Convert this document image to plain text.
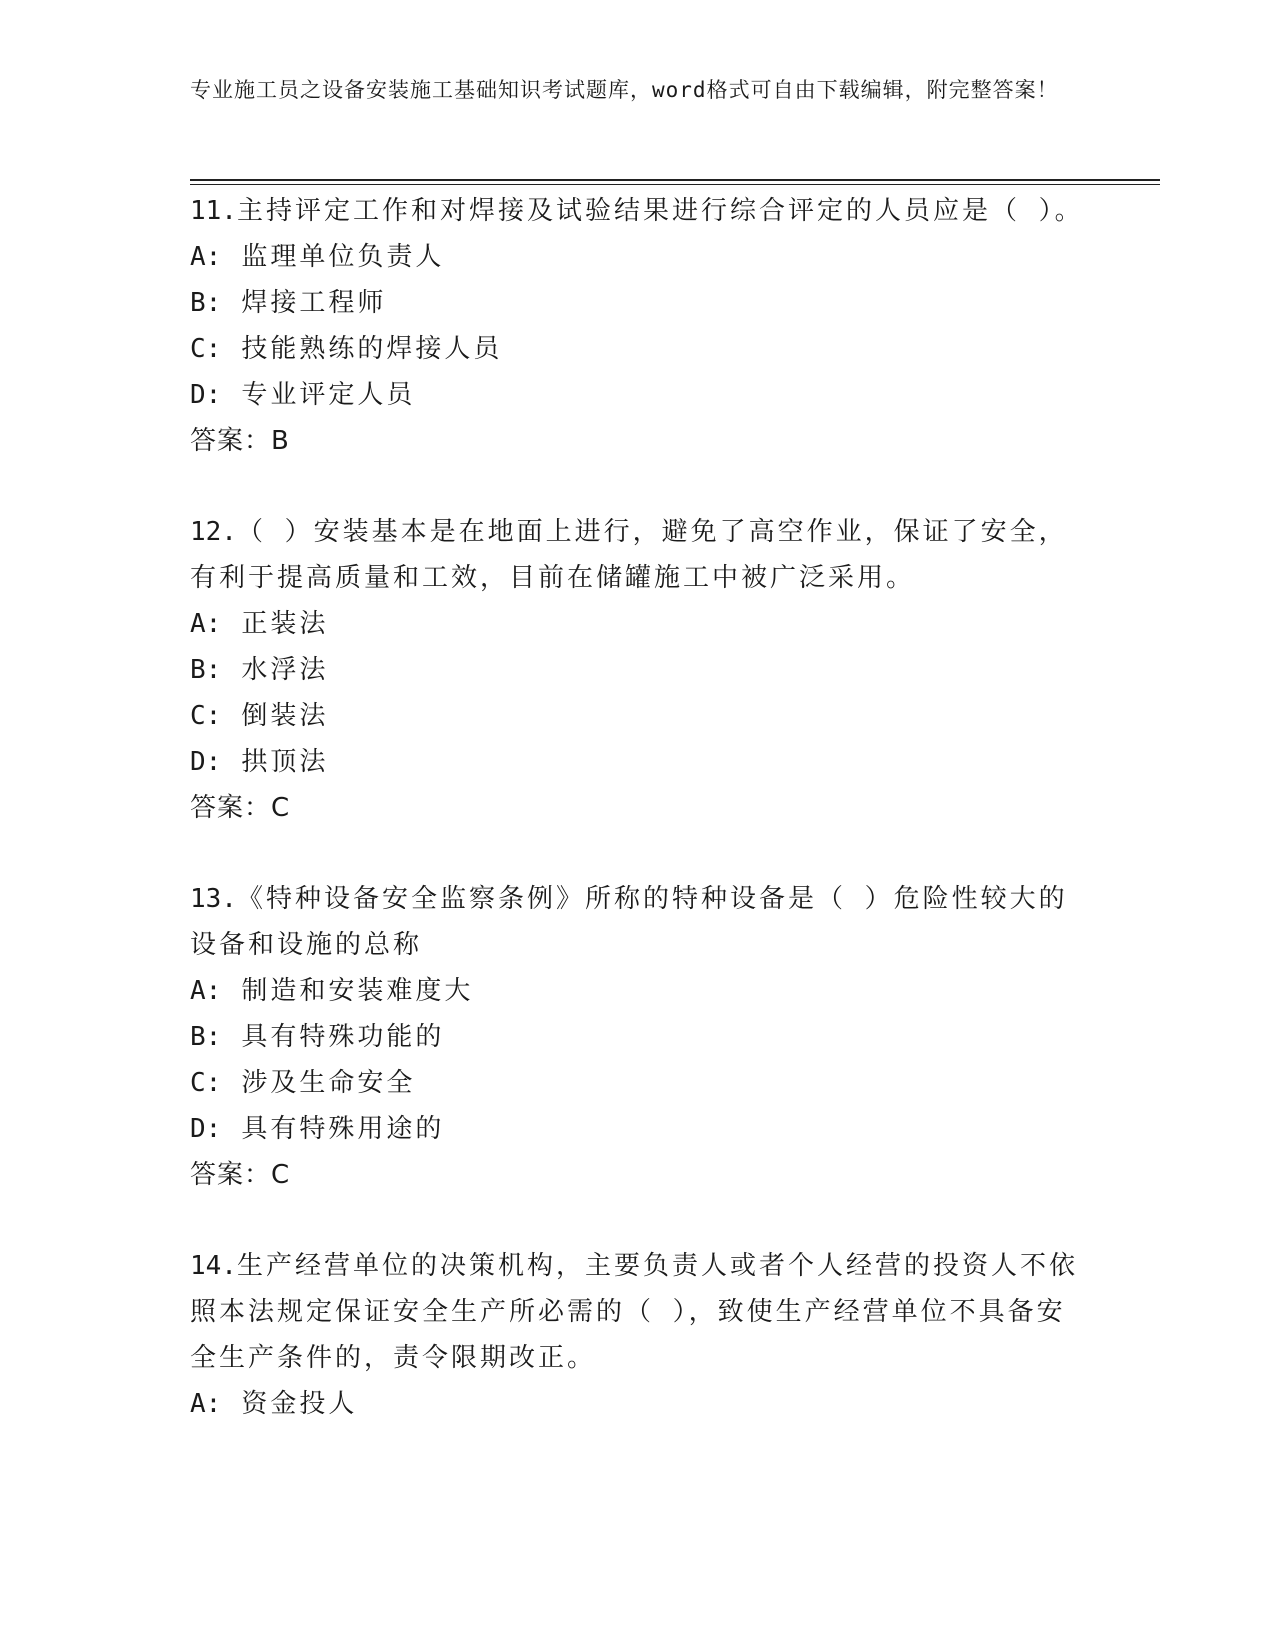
专业施工员之设备安装施工基础知识考试题库，word格式可自由下载编辑，附完整答案！

11.主持评定工作和对焊接及试验结果进行综合评定的人员应是（ ）。

A: 监理单位负责人

B: 焊接工程师

C: 技能熟练的焊接人员

D: 专业评定人员

答案：B

12.（ ）安装基本是在地面上进行，避免了高空作业，保证了安全，有利于提高质量和工效，目前在储罐施工中被广泛采用。

A: 正装法

B: 水浮法

C: 倒装法

D: 拱顶法

答案：C

13.《特种设备安全监察条例》所称的特种设备是（ ）危险性较大的设备和设施的总称

A: 制造和安装难度大

B: 具有特殊功能的

C: 涉及生命安全

D: 具有特殊用途的

答案：C

14.生产经营单位的决策机构，主要负责人或者个人经营的投资人不依照本法规定保证安全生产所必需的（ ），致使生产经营单位不具备安全生产条件的，责令限期改正。

A: 资金投人
